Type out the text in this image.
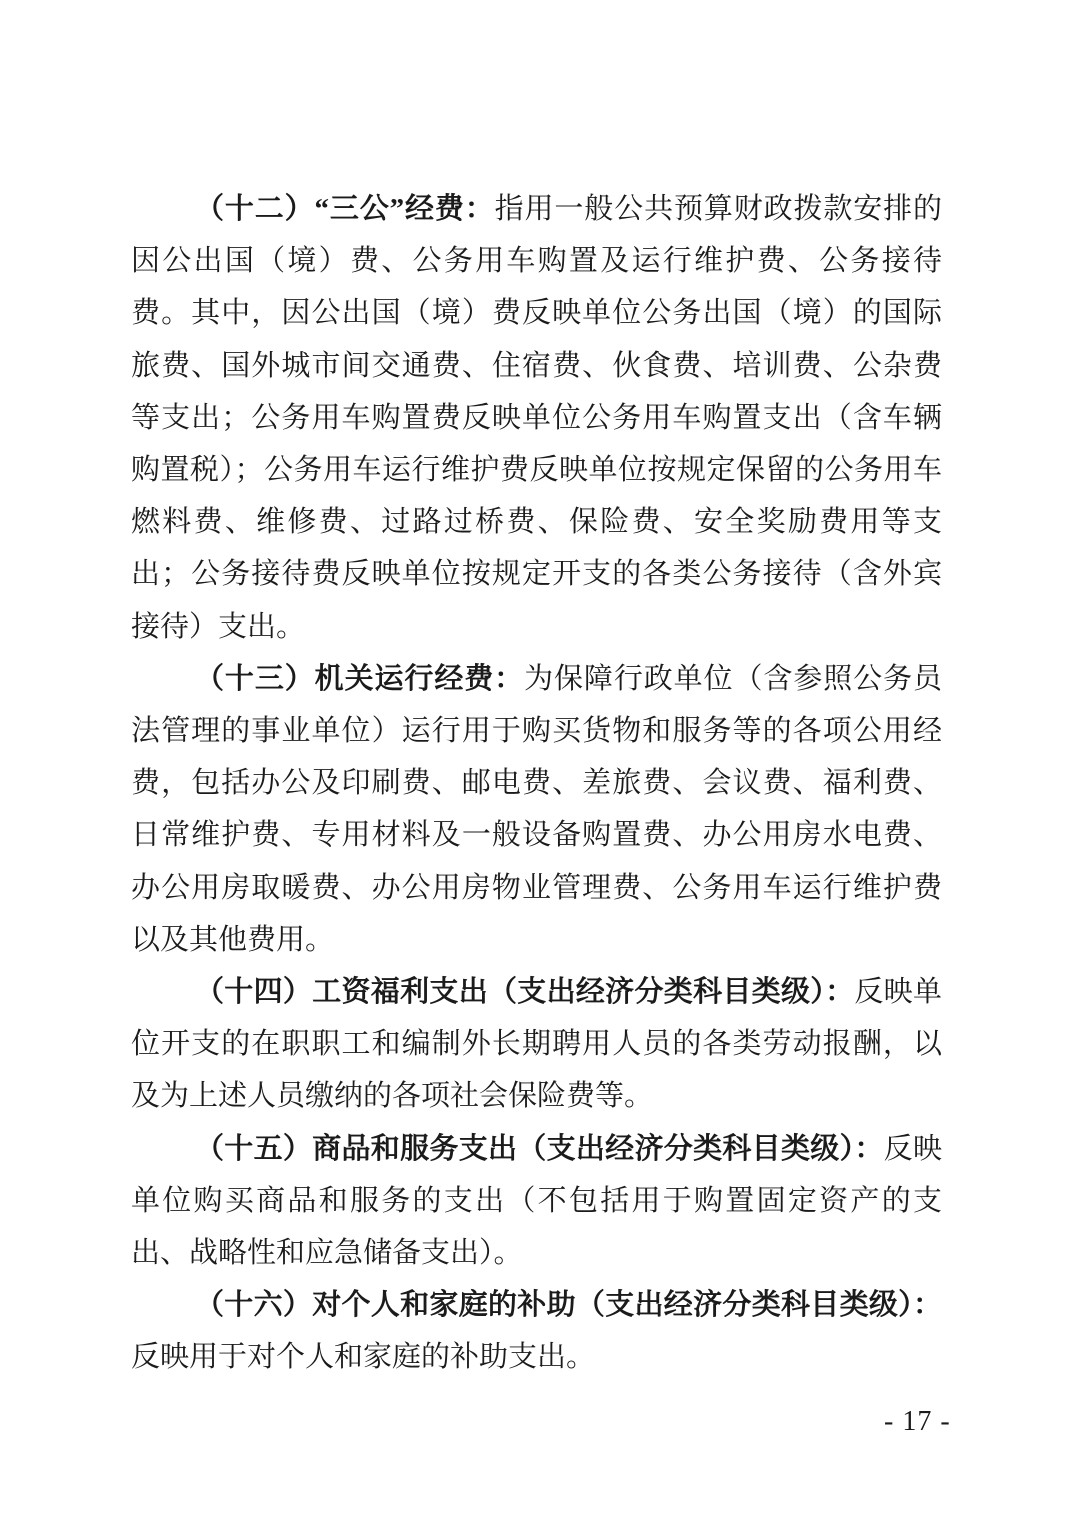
（十二）“三公”经费：指用一般公共预算财政拨款安排的因公出国（境）费、公务用车购置及运行维护费、公务接待费。其中，因公出国（境）费反映单位公务出国（境）的国际旅费、国外城市间交通费、住宿费、伙食费、培训费、公杂费等支出；公务用车购置费反映单位公务用车购置支出（含车辆购置税）；公务用车运行维护费反映单位按规定保留的公务用车燃料费、维修费、过路过桥费、保险费、安全奖励费用等支出；公务接待费反映单位按规定开支的各类公务接待（含外宾接待）支出。

（十三）机关运行经费：为保障行政单位（含参照公务员法管理的事业单位）运行用于购买货物和服务等的各项公用经费，包括办公及印刷费、邮电费、差旅费、会议费、福利费、日常维护费、专用材料及一般设备购置费、办公用房水电费、办公用房取暖费、办公用房物业管理费、公务用车运行维护费以及其他费用。

（十四）工资福利支出（支出经济分类科目类级）：反映单位开支的在职职工和编制外长期聘用人员的各类劳动报酬，以及为上述人员缴纳的各项社会保险费等。

（十五）商品和服务支出（支出经济分类科目类级）：反映单位购买商品和服务的支出（不包括用于购置固定资产的支出、战略性和应急储备支出）。

（十六）对个人和家庭的补助（支出经济分类科目类级）：反映用于对个人和家庭的补助支出。

- 17 -
